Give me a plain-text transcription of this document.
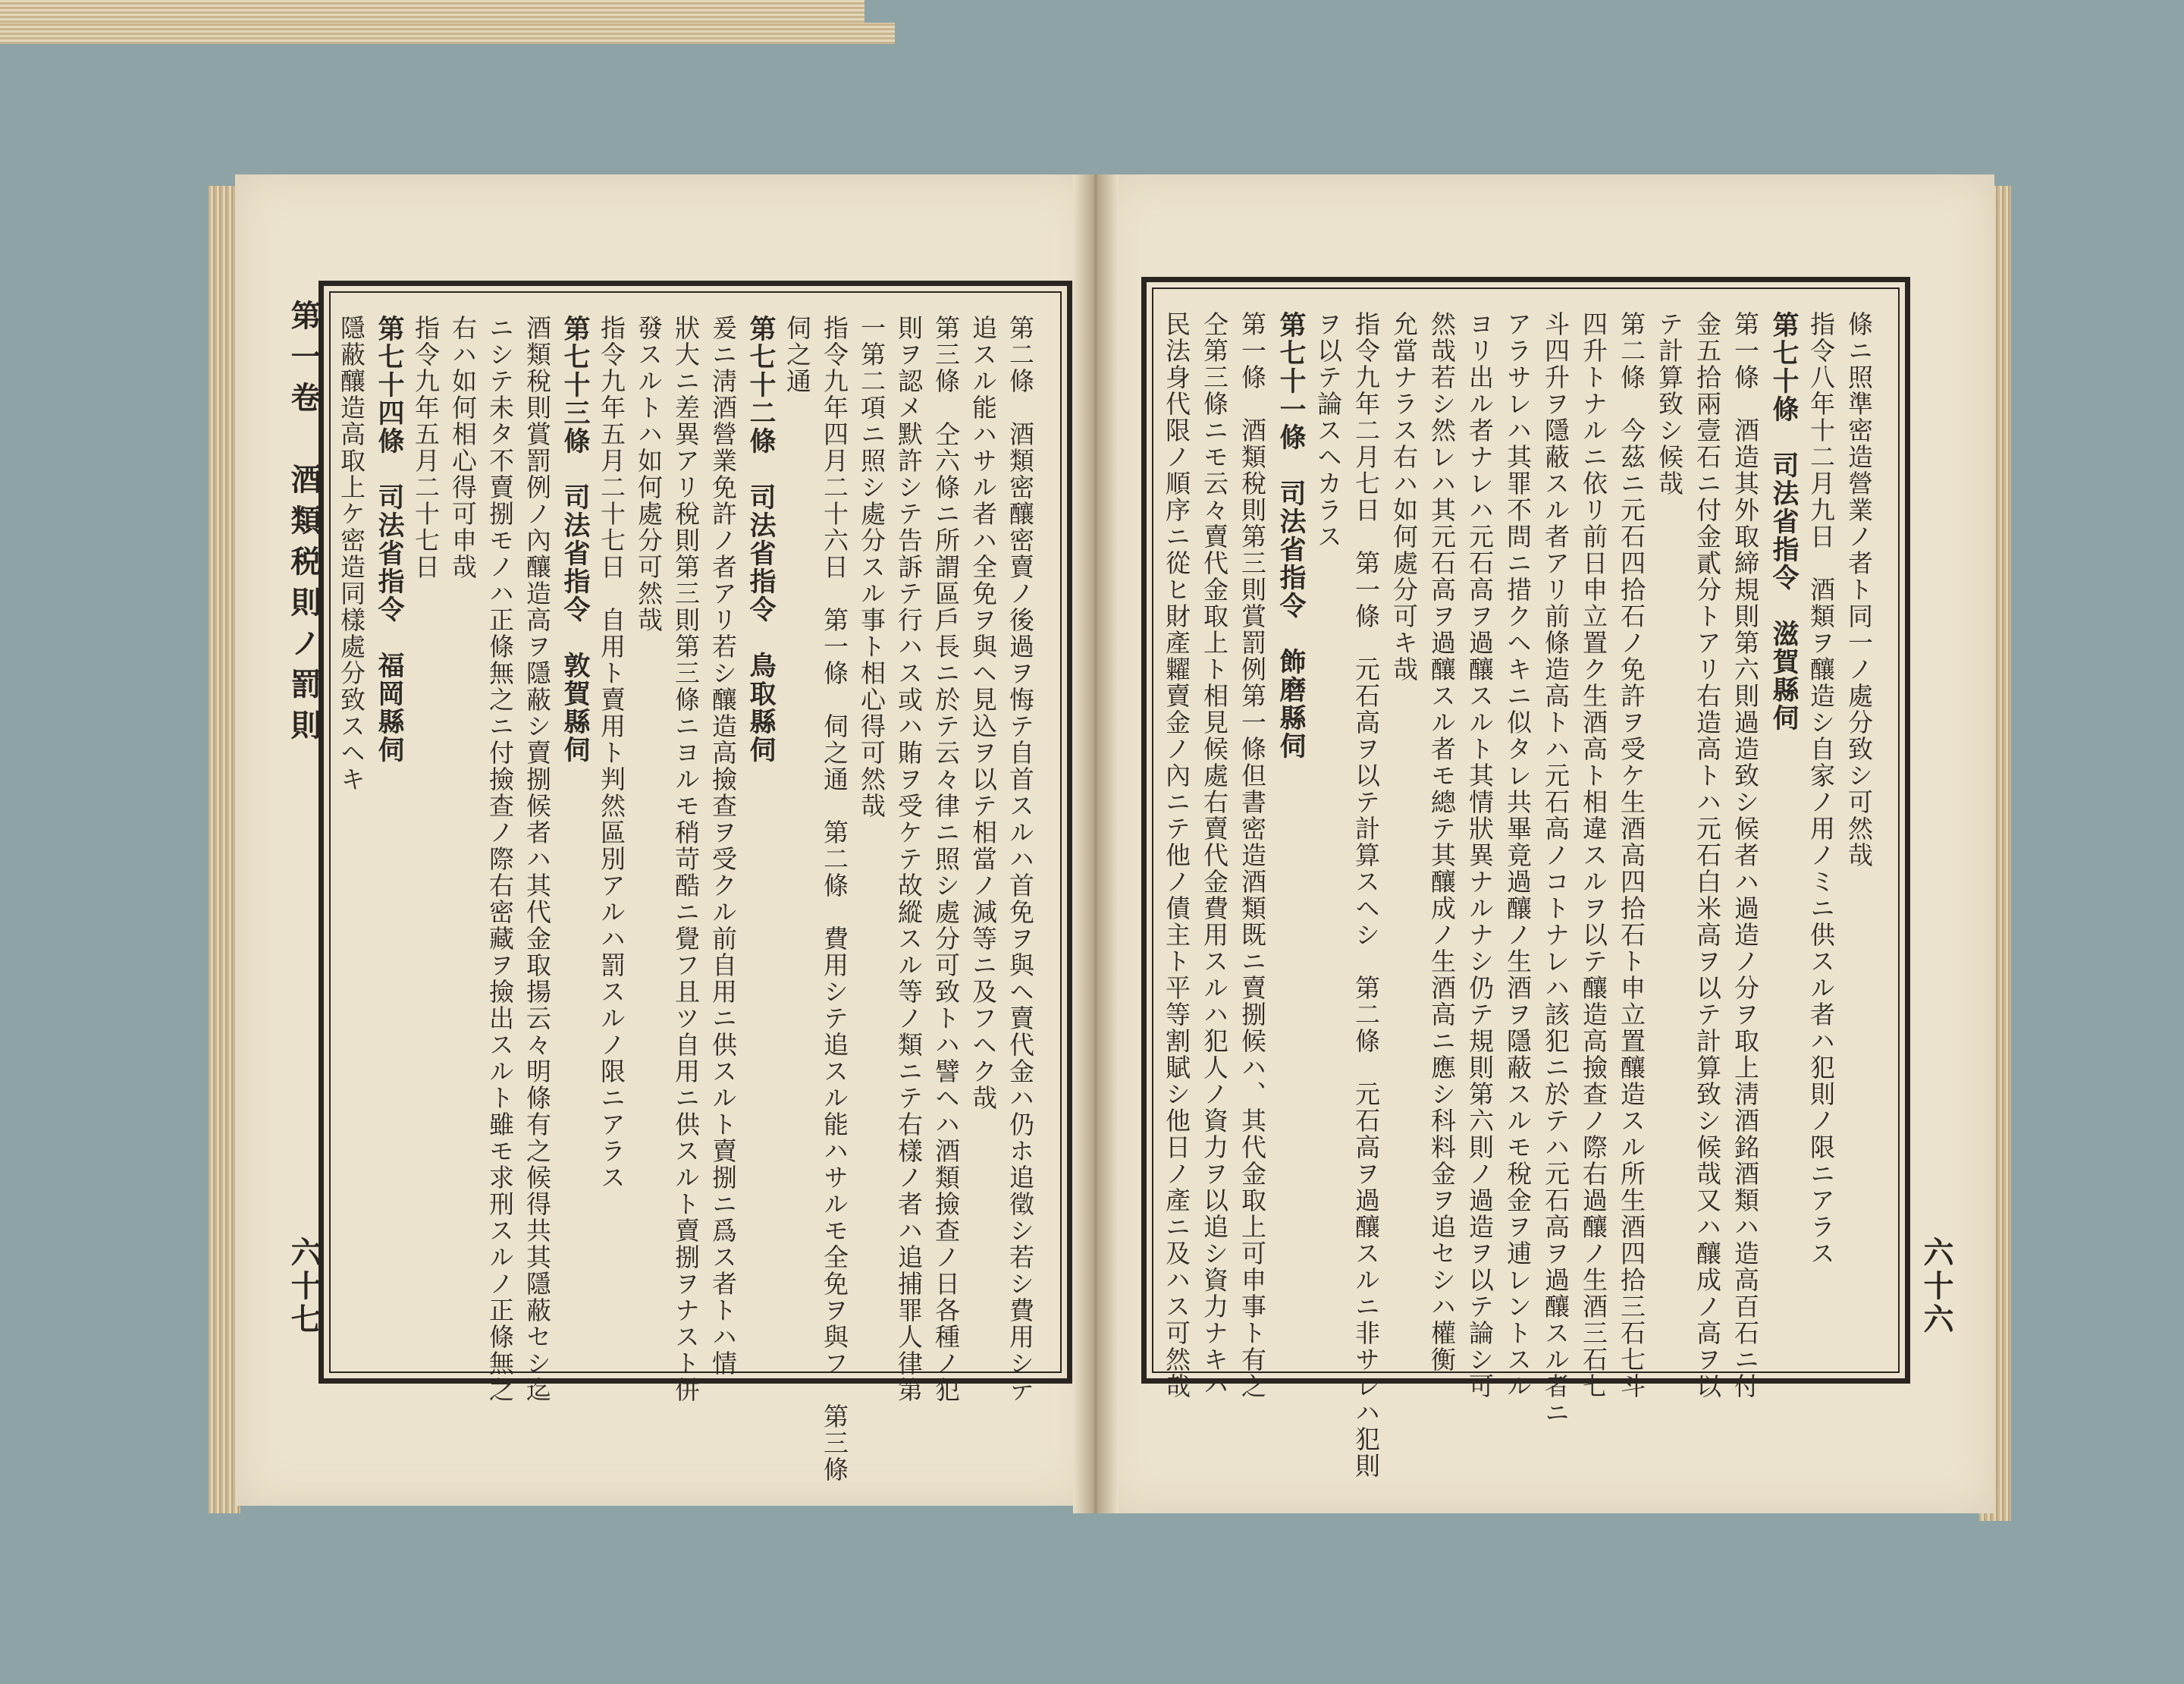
第一卷　酒類税則ノ罰則
六十七	第二條　酒類密釀密賣ノ後過ヲ悔テ自首スルハ首免ヲ與ヘ賣代金ハ仍ホ追徵シ若シ費用シテ
追スル能ハサル者ハ全免ヲ與ヘ見込ヲ以テ相當ノ減等ニ及フヘク哉
第三條　仝六條ニ所謂區戶長ニ於テ云々律ニ照シ處分可致トハ譬ヘハ酒類撿查ノ日各種ノ犯
則ヲ認メ默許シテ告訴テ行ハス或ハ賄ヲ受ケテ故縱スル等ノ類ニテ右樣ノ者ハ追捕罪人律第
一第二項ニ照シ處分スル事ト相心得可然哉
指令九年四月二十六日　第一條　伺之通　第二條　費用シテ追スル能ハサルモ全免ヲ與フ　第三條
伺之通
第七十二條　司法省指令　鳥取縣伺
爰ニ淸酒營業免許ノ者アリ若シ釀造高撿查ヲ受クル前自用ニ供スルト賣捌ニ爲ス者トハ情
狀大ニ差異アリ稅則第三則第三條ニヨルモ稍苛酷ニ覺フ且ツ自用ニ供スルト賣捌ヲナスト併
發スルトハ如何處分可然哉
指令九年五月二十七日　自用ト賣用ト判然區別アルハ罰スルノ限ニアラス
第七十三條　司法省指令　敦賀縣伺
酒類稅則賞罰例ノ內釀造高ヲ隱蔽シ賣捌候者ハ其代金取揚云々明條有之候得共其隱蔽セシ迄
ニシテ未タ不賣捌モノハ正條無之ニ付撿查ノ際右密藏ヲ撿出スルト雖モ求刑スルノ正條無之
右ハ如何相心得可申哉
指令九年五月二十七日
第七十四條　司法省指令　福岡縣伺
隱蔽釀造高取上ケ密造同樣處分致スヘキ
六十六
條ニ照準密造營業ノ者ト同一ノ處分致シ可然哉
指令八年十二月九日　酒類ヲ釀造シ自家ノ用ノミニ供スル者ハ犯則ノ限ニアラス
第七十條　司法省指令　滋賀縣伺
第一條　酒造其外取締規則第六則過造致シ候者ハ過造ノ分ヲ取上淸酒銘酒類ハ造高百石ニ付
金五拾兩壹石ニ付金貳分トアリ右造高トハ元石白米高ヲ以テ計算致シ候哉又ハ釀成ノ高ヲ以
テ計算致シ候哉
第二條　今茲ニ元石四拾石ノ免許ヲ受ケ生酒高四拾石ト申立置釀造スル所生酒四拾三石七斗
四升トナルニ依リ前日申立置ク生酒高ト相違スルヲ以テ釀造高撿查ノ際右過釀ノ生酒三石七
斗四升ヲ隱蔽スル者アリ前條造高トハ元石高ノコトナレハ該犯ニ於テハ元石高ヲ過釀スル者ニ
アラサレハ其罪不問ニ措クヘキニ似タレ共畢竟過釀ノ生酒ヲ隱蔽スルモ稅金ヲ逋レントスル
ヨリ出ル者ナレハ元石高ヲ過釀スルト其情狀異ナルナシ仍テ規則第六則ノ過造ヲ以テ論シ可
然哉若シ然レハ其元石高ヲ過釀スル者モ總テ其釀成ノ生酒高ニ應シ科料金ヲ追セシハ權衡
允當ナラス右ハ如何處分可キ哉
指令九年二月七日　第一條　元石高ヲ以テ計算スヘシ　第二條　元石高ヲ過釀スルニ非サレハ犯則
ヲ以テ論スヘカラス
第七十一條　司法省指令　飾磨縣伺
第一條　酒類稅則第三則賞罰例第一條但書密造酒類既ニ賣捌候ハ、其代金取上可申事ト有之
仝第三條ニモ云々賣代金取上ト相見候處右賣代金費用スルハ犯人ノ資力ヲ以追シ資力ナキハ
民法身代限ノ順序ニ從ヒ財產糶賣金ノ內ニテ他ノ債主ト平等割賦シ他日ノ產ニ及ハス可然哉
